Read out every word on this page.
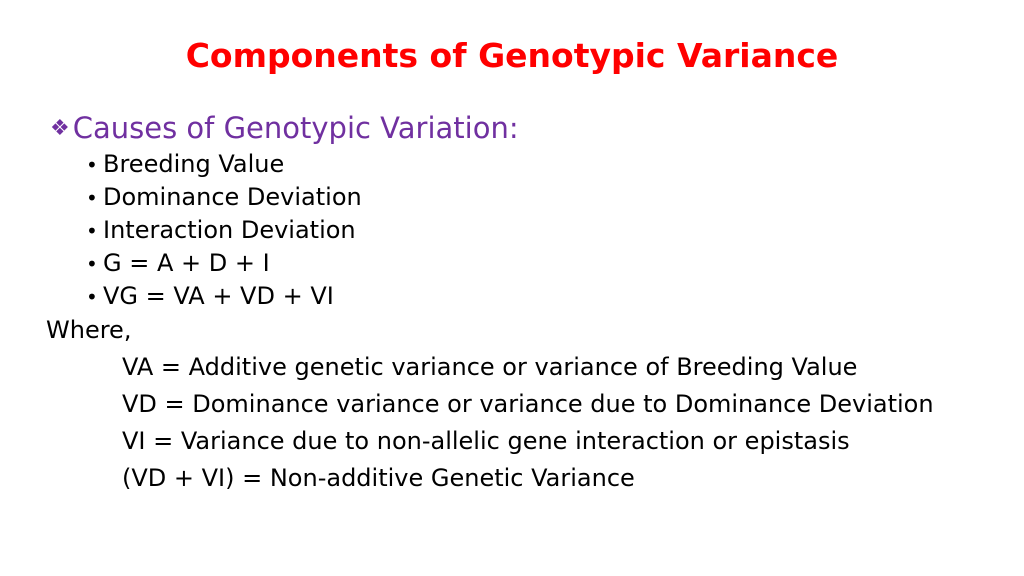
Components of Genotypic Variance
❖ Causes of Genotypic Variation:
• Breeding Value
• Dominance Deviation
• Interaction Deviation
• G = A + D + I
• VG = VA + VD + VI
Where,
VA = Additive genetic variance or variance of Breeding Value
VD = Dominance variance or variance due to Dominance Deviation
VI = Variance due to non-allelic gene interaction or epistasis
(VD + VI) = Non-additive Genetic Variance
